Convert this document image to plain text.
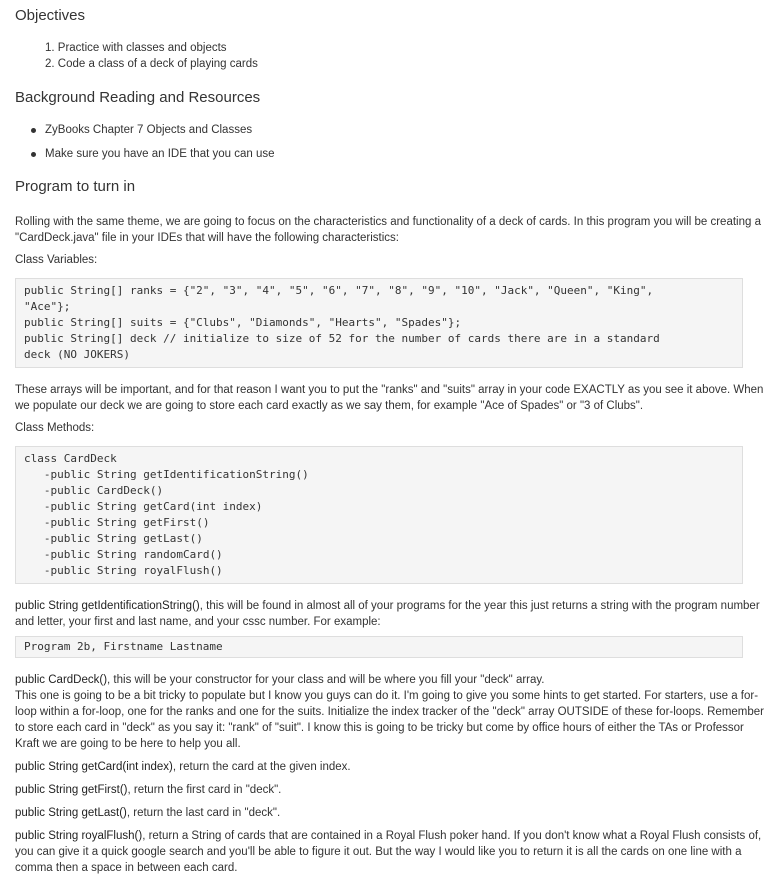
Objectives
1. Practice with classes and objects
2. Code a class of a deck of playing cards
Background Reading and Resources
ZyBooks Chapter 7 Objects and Classes
Make sure you have an IDE that you can use
Program to turn in

Rolling with the same theme, we are going to focus on the characteristics and functionality of a deck of cards. In this program you will be creating a "CardDeck.java" file in your IDEs that will have the following characteristics:

Class Variables:

public String[] ranks = {"2", "3", "4", "5", "6", "7", "8", "9", "10", "Jack", "Queen", "King",
"Ace"};
public String[] suits = {"Clubs", "Diamonds", "Hearts", "Spades"};
public String[] deck // initialize to size of 52 for the number of cards there are in a standard
deck (NO JOKERS)

These arrays will be important, and for that reason I want you to put the "ranks" and "suits" array in your code EXACTLY as you see it above. When we populate our deck we are going to store each card exactly as we say them, for example "Ace of Spades" or "3 of Clubs".

Class Methods:

class CardDeck
-public String getIdentificationString()
-public CardDeck()
-public String getCard(int index)
-public String getFirst()
-public String getLast()
-public String randomCard()
-public String royalFlush()

public String getIdentificationString(), this will be found in almost all of your programs for the year this just returns a string with the program number and letter, your first and last name, and your cssc number. For example:

Program 2b, Firstname Lastname

public CardDeck(), this will be your constructor for your class and will be where you fill your "deck" array.

This one is going to be a bit tricky to populate but I know you guys can do it. I'm going to give you some hints to get started. For starters, use a for-loop within a for-loop, one for the ranks and one for the suits. Initialize the index tracker of the "deck" array OUTSIDE of these for-loops. Remember to store each card in "deck" as you say it: "rank" of "suit". I know this is going to be tricky but come by office hours of either the TAs or Professor Kraft we are going to be here to help you all.

public String getCard(int index), return the card at the given index.

public String getFirst(), return the first card in "deck".

public String getLast(), return the last card in "deck".

public String royalFlush(), return a String of cards that are contained in a Royal Flush poker hand. If you don't know what a Royal Flush consists of, you can give it a quick google search and you'll be able to figure it out. But the way I would like you to return it is all the cards on one line with a comma then a space in between each card.
